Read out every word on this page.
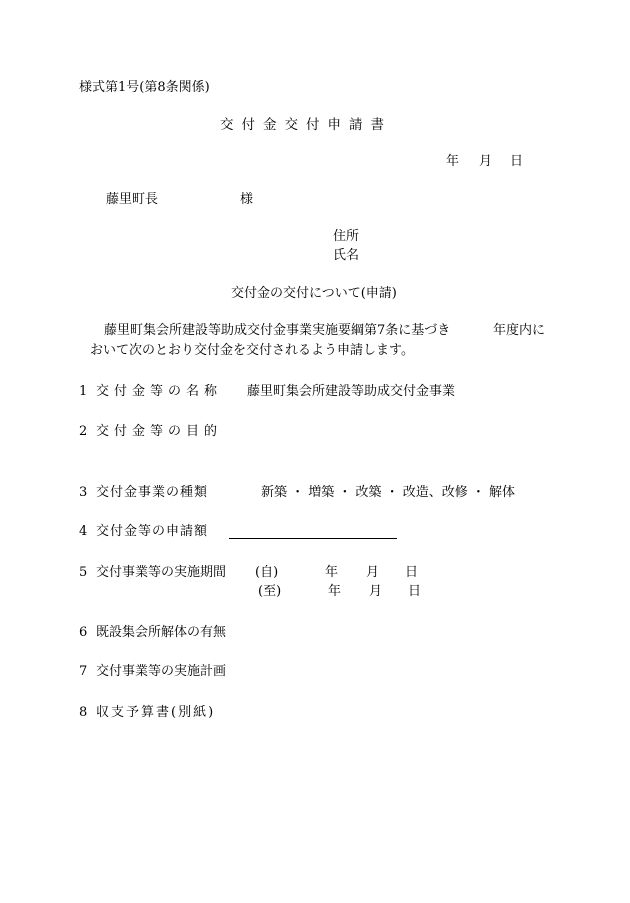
様式第1号(第8条関係)
交付金交付申請書
年 月 日
藤里町長	様
住所
氏名
交付金の交付について(申請)
藤里町集会所建設等助成交付金事業実施要綱第7条に基づき	年度内に
おいて次のとおり交付金を交付されるよう申請します。
1 交付金等の名称 藤里町集会所建設等助成交付金事業
2 交付金等の目的
3 交付金事業の種類	新築 ・ 増築 ・ 改築 ・ 改造、改修 ・ 解体
4 交付金等の申請額
5 交付事業等の実施期間 (自)	年 月 日
(至)	年 月 日
6 既設集会所解体の有無
7 交付事業等の実施計画
8 収支予算書(別紙)
